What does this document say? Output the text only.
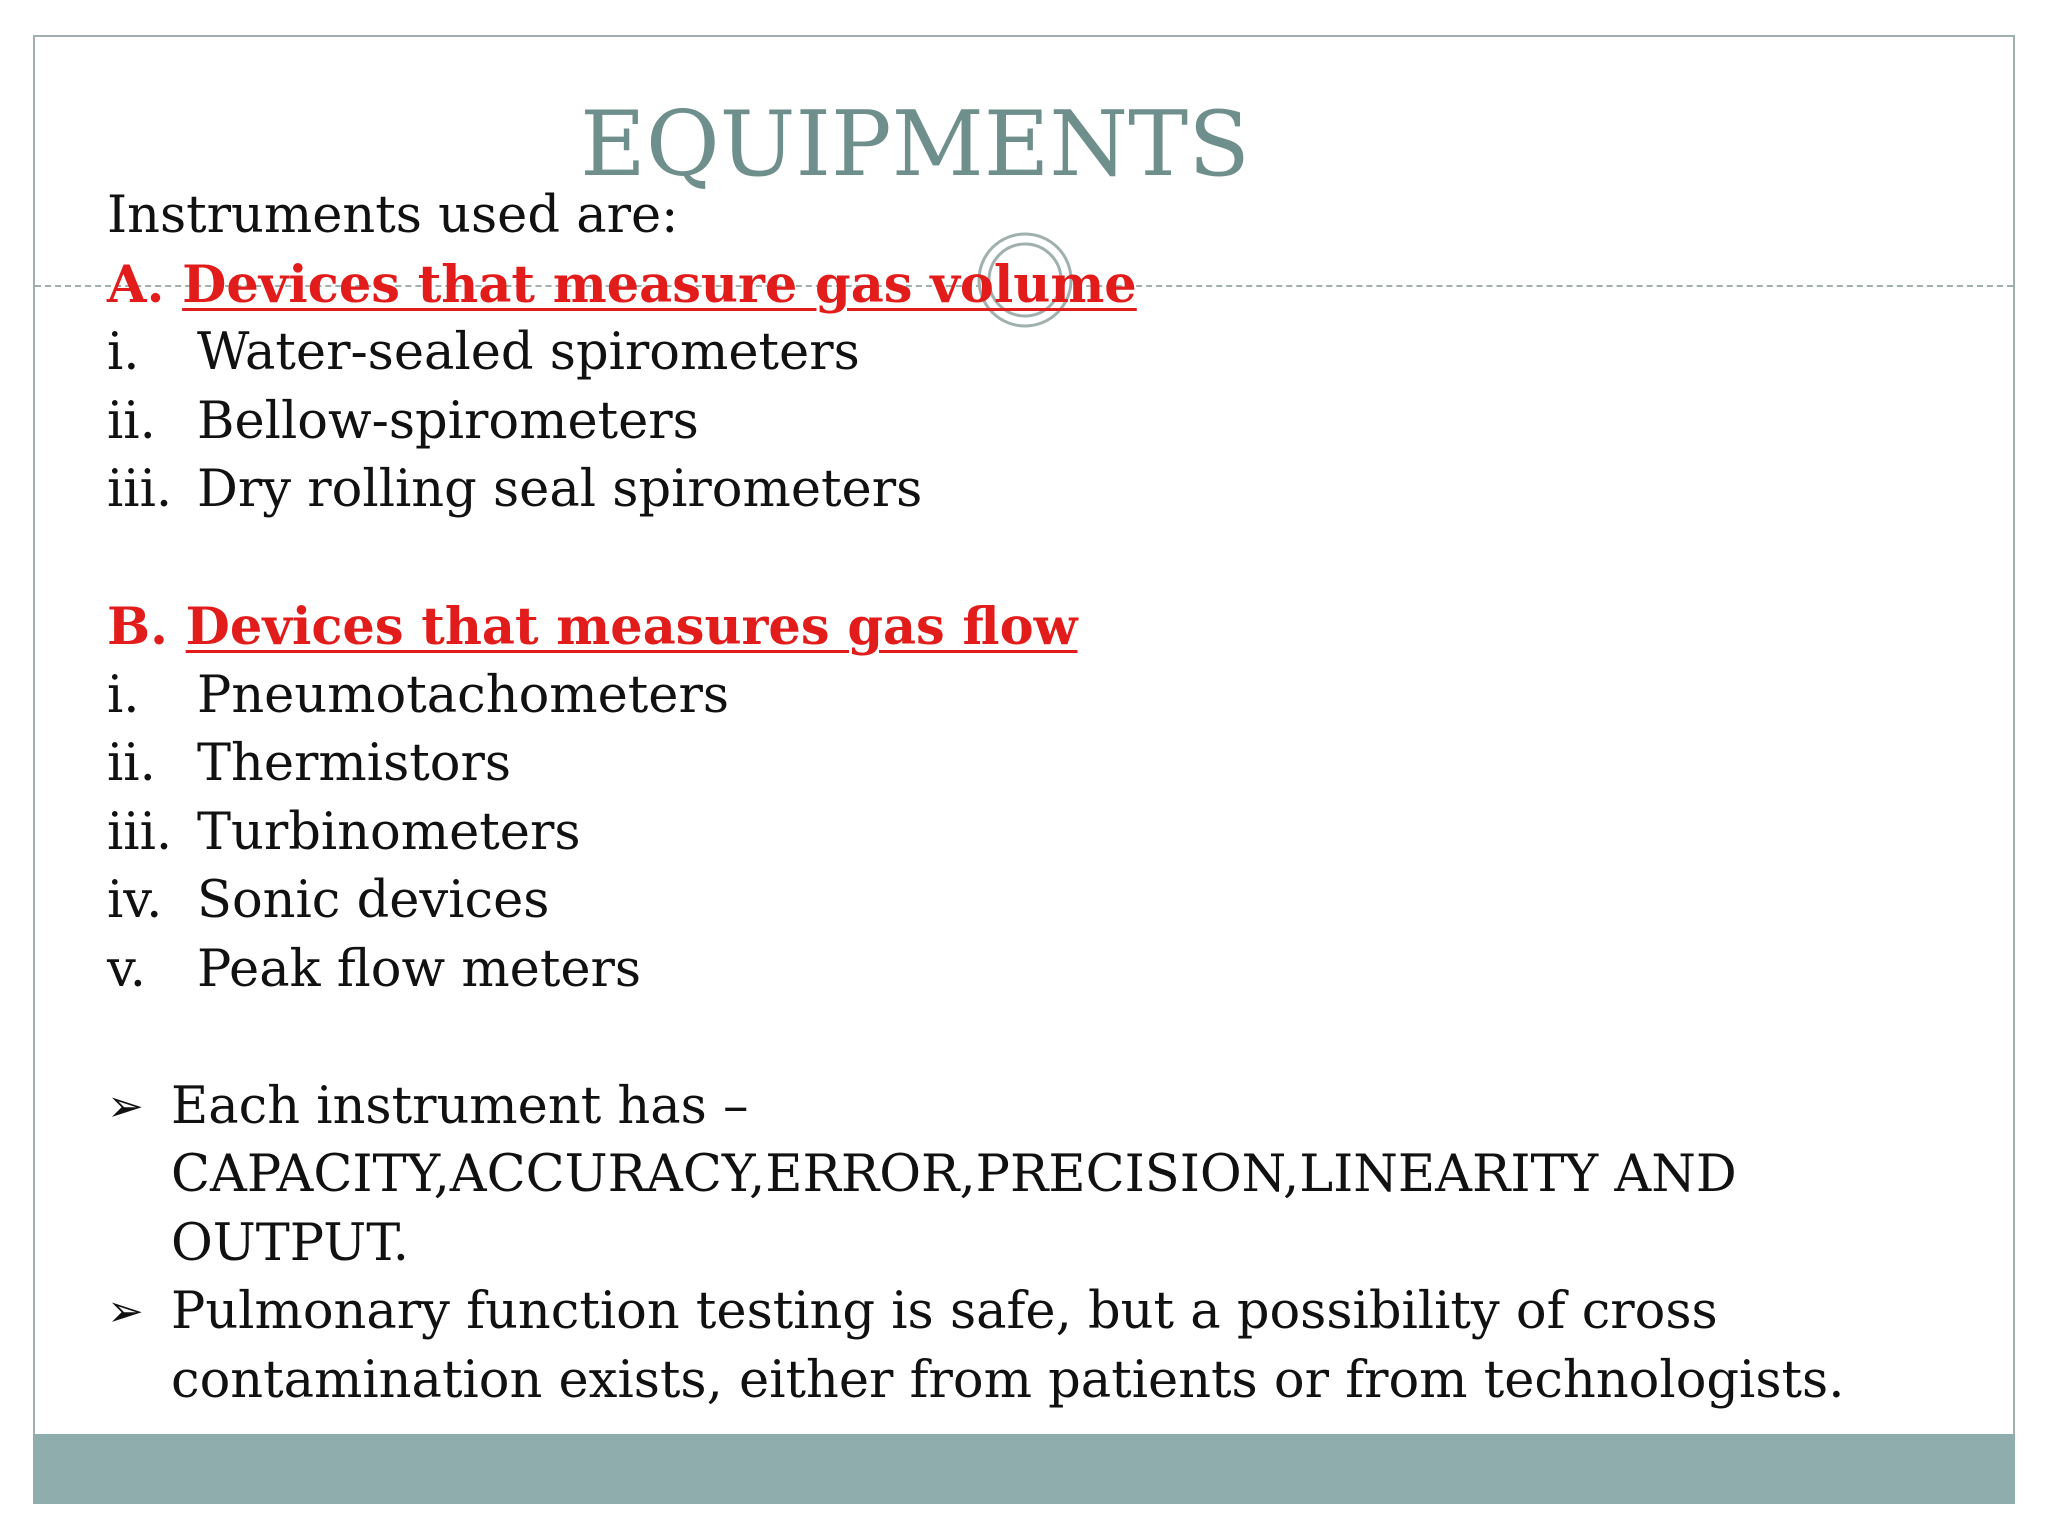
EQUIPMENTS
Instruments used are:
A. Devices that measure gas volume
i. Water-sealed spirometers
ii. Bellow-spirometers
iii. Dry rolling seal spirometers
B. Devices that measures gas flow
i. Pneumotachometers
ii. Thermistors
iii. Turbinometers
iv. Sonic devices
v. Peak flow meters
➢ Each instrument has – CAPACITY,ACCURACY,ERROR,PRECISION,LINEARITY AND OUTPUT.
➢ Pulmonary function testing is safe, but a possibility of cross contamination exists, either from patients or from technologists.
